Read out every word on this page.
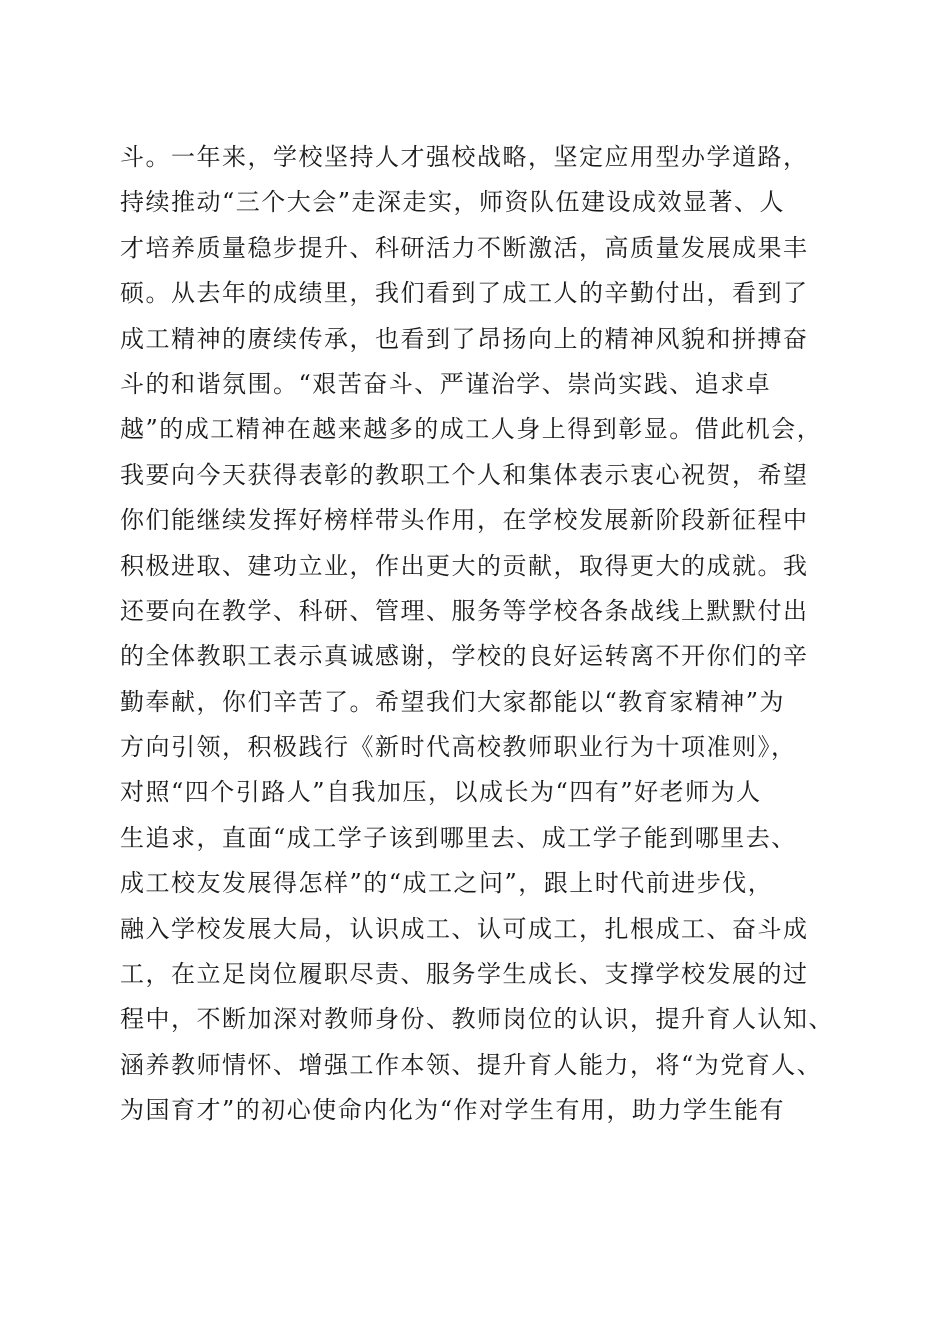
斗。一年来，学校坚持人才强校战略，坚定应用型办学道路，
持续推动“三个大会”走深走实，师资队伍建设成效显著、人
才培养质量稳步提升、科研活力不断激活，高质量发展成果丰
硕。从去年的成绩里，我们看到了成工人的辛勤付出，看到了
成工精神的赓续传承，也看到了昂扬向上的精神风貌和拼搏奋
斗的和谐氛围。“艰苦奋斗、严谨治学、崇尚实践、追求卓
越”的成工精神在越来越多的成工人身上得到彰显。借此机会，
我要向今天获得表彰的教职工个人和集体表示衷心祝贺，希望
你们能继续发挥好榜样带头作用，在学校发展新阶段新征程中
积极进取、建功立业，作出更大的贡献，取得更大的成就。我
还要向在教学、科研、管理、服务等学校各条战线上默默付出
的全体教职工表示真诚感谢，学校的良好运转离不开你们的辛
勤奉献，你们辛苦了。希望我们大家都能以“教育家精神”为
方向引领，积极践行《新时代高校教师职业行为十项准则》，
对照“四个引路人”自我加压，以成长为“四有”好老师为人
生追求，直面“成工学子该到哪里去、成工学子能到哪里去、
成工校友发展得怎样”的“成工之问”，跟上时代前进步伐，
融入学校发展大局，认识成工、认可成工，扎根成工、奋斗成
工，在立足岗位履职尽责、服务学生成长、支撑学校发展的过
程中，不断加深对教师身份、教师岗位的认识，提升育人认知、
涵养教师情怀、增强工作本领、提升育人能力，将“为党育人、
为国育才”的初心使命内化为“作对学生有用，助力学生能有
